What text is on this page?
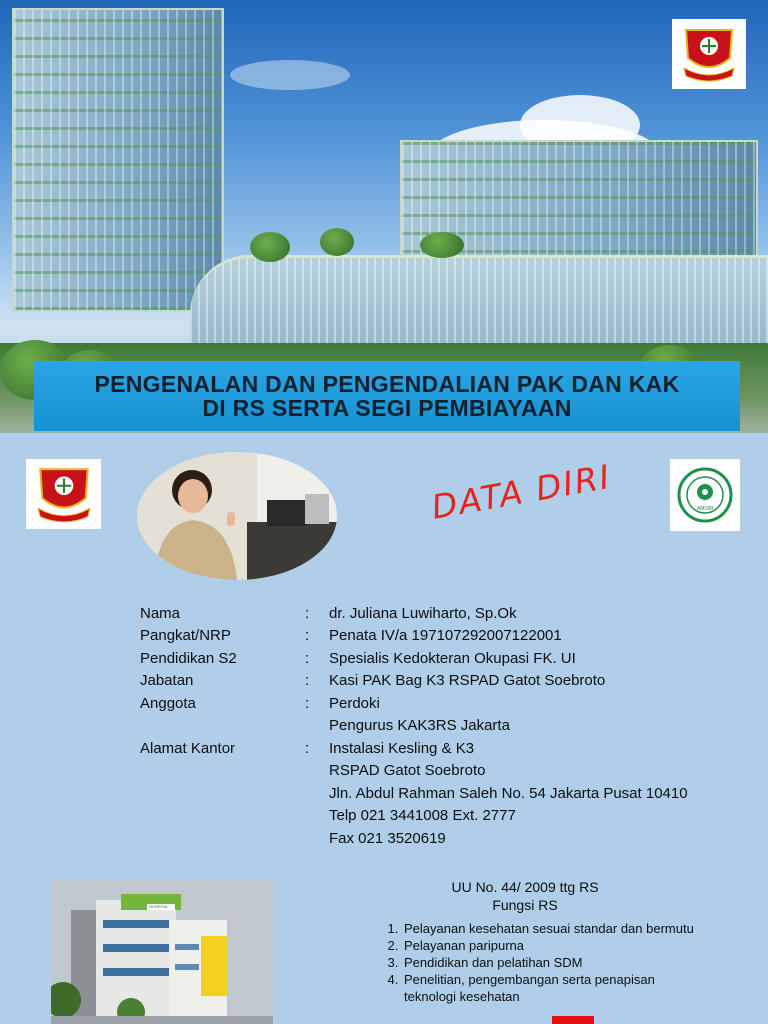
PENGENALAN DAN PENGENDALIAN PAK DAN KAK
DI RS SERTA SEGI PEMBIAYAAN
DATA DIRI	AMOBI
Nama	:	dr. Juliana Luwiharto, Sp.Ok
Pangkat/NRP	:	Penata IV/a 197107292007122001
Pendidikan S2	:	Spesialis Kedokteran Okupasi FK. UI
Jabatan	:	Kasi PAK Bag K3 RSPAD Gatot Soebroto
Anggota	:	Perdoki
Pengurus KAK3RS Jakarta
Alamat Kantor	:	Instalasi Kesling & K3
RSPAD Gatot Soebroto
Jln. Abdul Rahman Saleh No. 54 Jakarta Pusat 10410
Telp 021 3441008 Ext. 2777
Fax 021 3520619
HOSPITAL
UU No. 44/ 2009 ttg RS
Fungsi RS
1. Pelayanan kesehatan sesuai standar dan bermutu
2. Pelayanan paripurna
3. Pendidikan dan pelatihan SDM
4. Penelitian, pengembangan serta penapisan teknologi kesehatan
